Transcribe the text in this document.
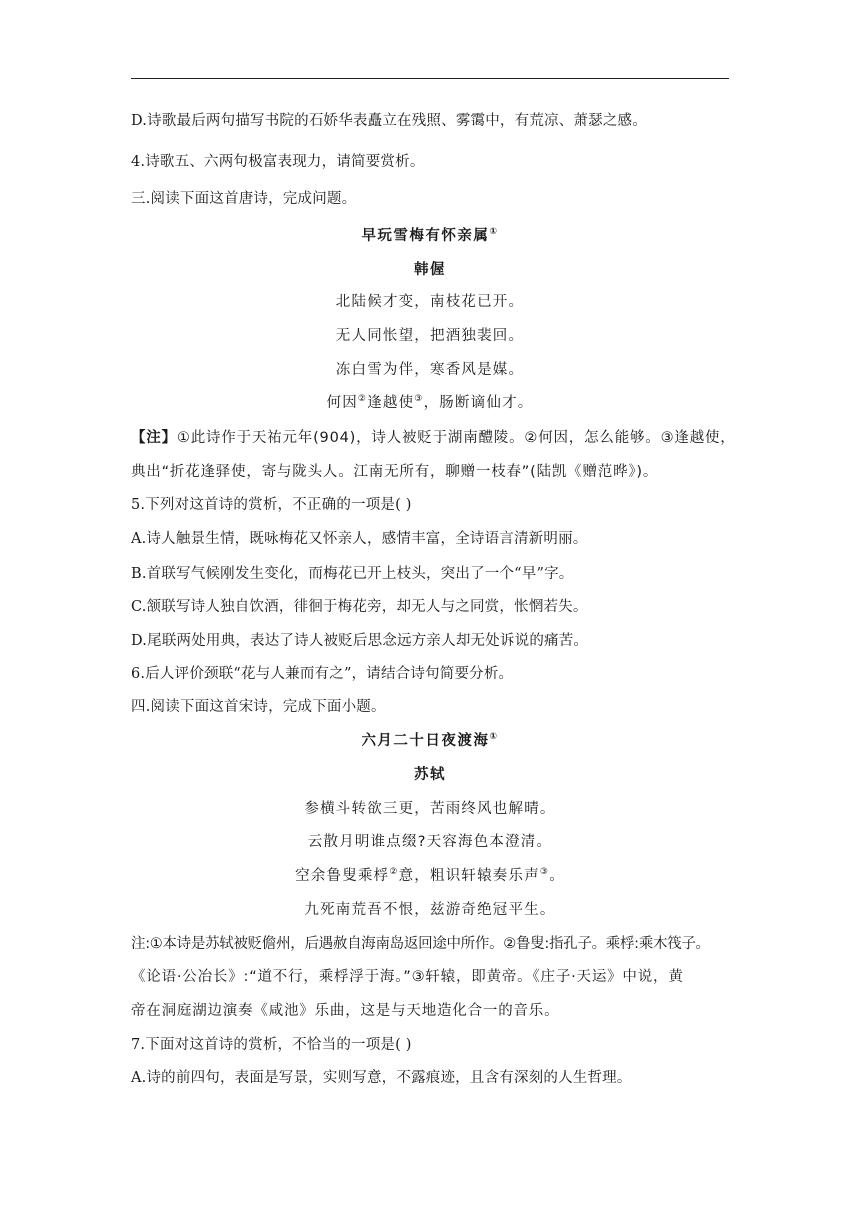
D.诗歌最后两句描写书院的石娇华表矗立在残照、雾霭中，有荒凉、萧瑟之感。
4.诗歌五、六两句极富表现力，请简要赏析。
三.阅读下面这首唐诗，完成问题。
早玩雪梅有怀亲属①
韩偓
北陆候才变，南枝花已开。
无人同怅望，把酒独裴回。
冻白雪为伴，寒香风是媒。
何因②逢越使③，肠断谪仙才。
【注】①此诗作于天祐元年(904)，诗人被贬于湖南醴陵。②何因，怎么能够。③逢越使，
典出“折花逢驿使，寄与陇头人。江南无所有，聊赠一枝春”(陆凯《赠范晔》)。
5.下列对这首诗的赏析，不正确的一项是( )
A.诗人触景生情，既咏梅花又怀亲人，感情丰富，全诗语言清新明丽。
B.首联写气候刚发生变化，而梅花已开上枝头，突出了一个“早”字。
C.颔联写诗人独自饮酒，徘徊于梅花旁，却无人与之同赏，怅惘若失。
D.尾联两处用典，表达了诗人被贬后思念远方亲人却无处诉说的痛苦。
6.后人评价颈联“花与人兼而有之”，请结合诗句简要分析。
四.阅读下面这首宋诗，完成下面小题。
六月二十日夜渡海①
苏轼
参横斗转欲三更，苦雨终风也解晴。
云散月明谁点缀?天容海色本澄清。
空余鲁叟乘桴②意，粗识轩辕奏乐声③。
九死南荒吾不恨，兹游奇绝冠平生。
注:①本诗是苏轼被贬儋州，后遇赦自海南岛返回途中所作。②鲁叟:指孔子。乘桴:乘木筏子。
《论语·公冶长》:“道不行，乘桴浮于海。”③轩辕，即黄帝。《庄子·天运》中说，黄
帝在洞庭湖边演奏《咸池》乐曲，这是与天地造化合一的音乐。
7.下面对这首诗的赏析，不恰当的一项是( )
A.诗的前四句，表面是写景，实则写意，不露痕迹，且含有深刻的人生哲理。
